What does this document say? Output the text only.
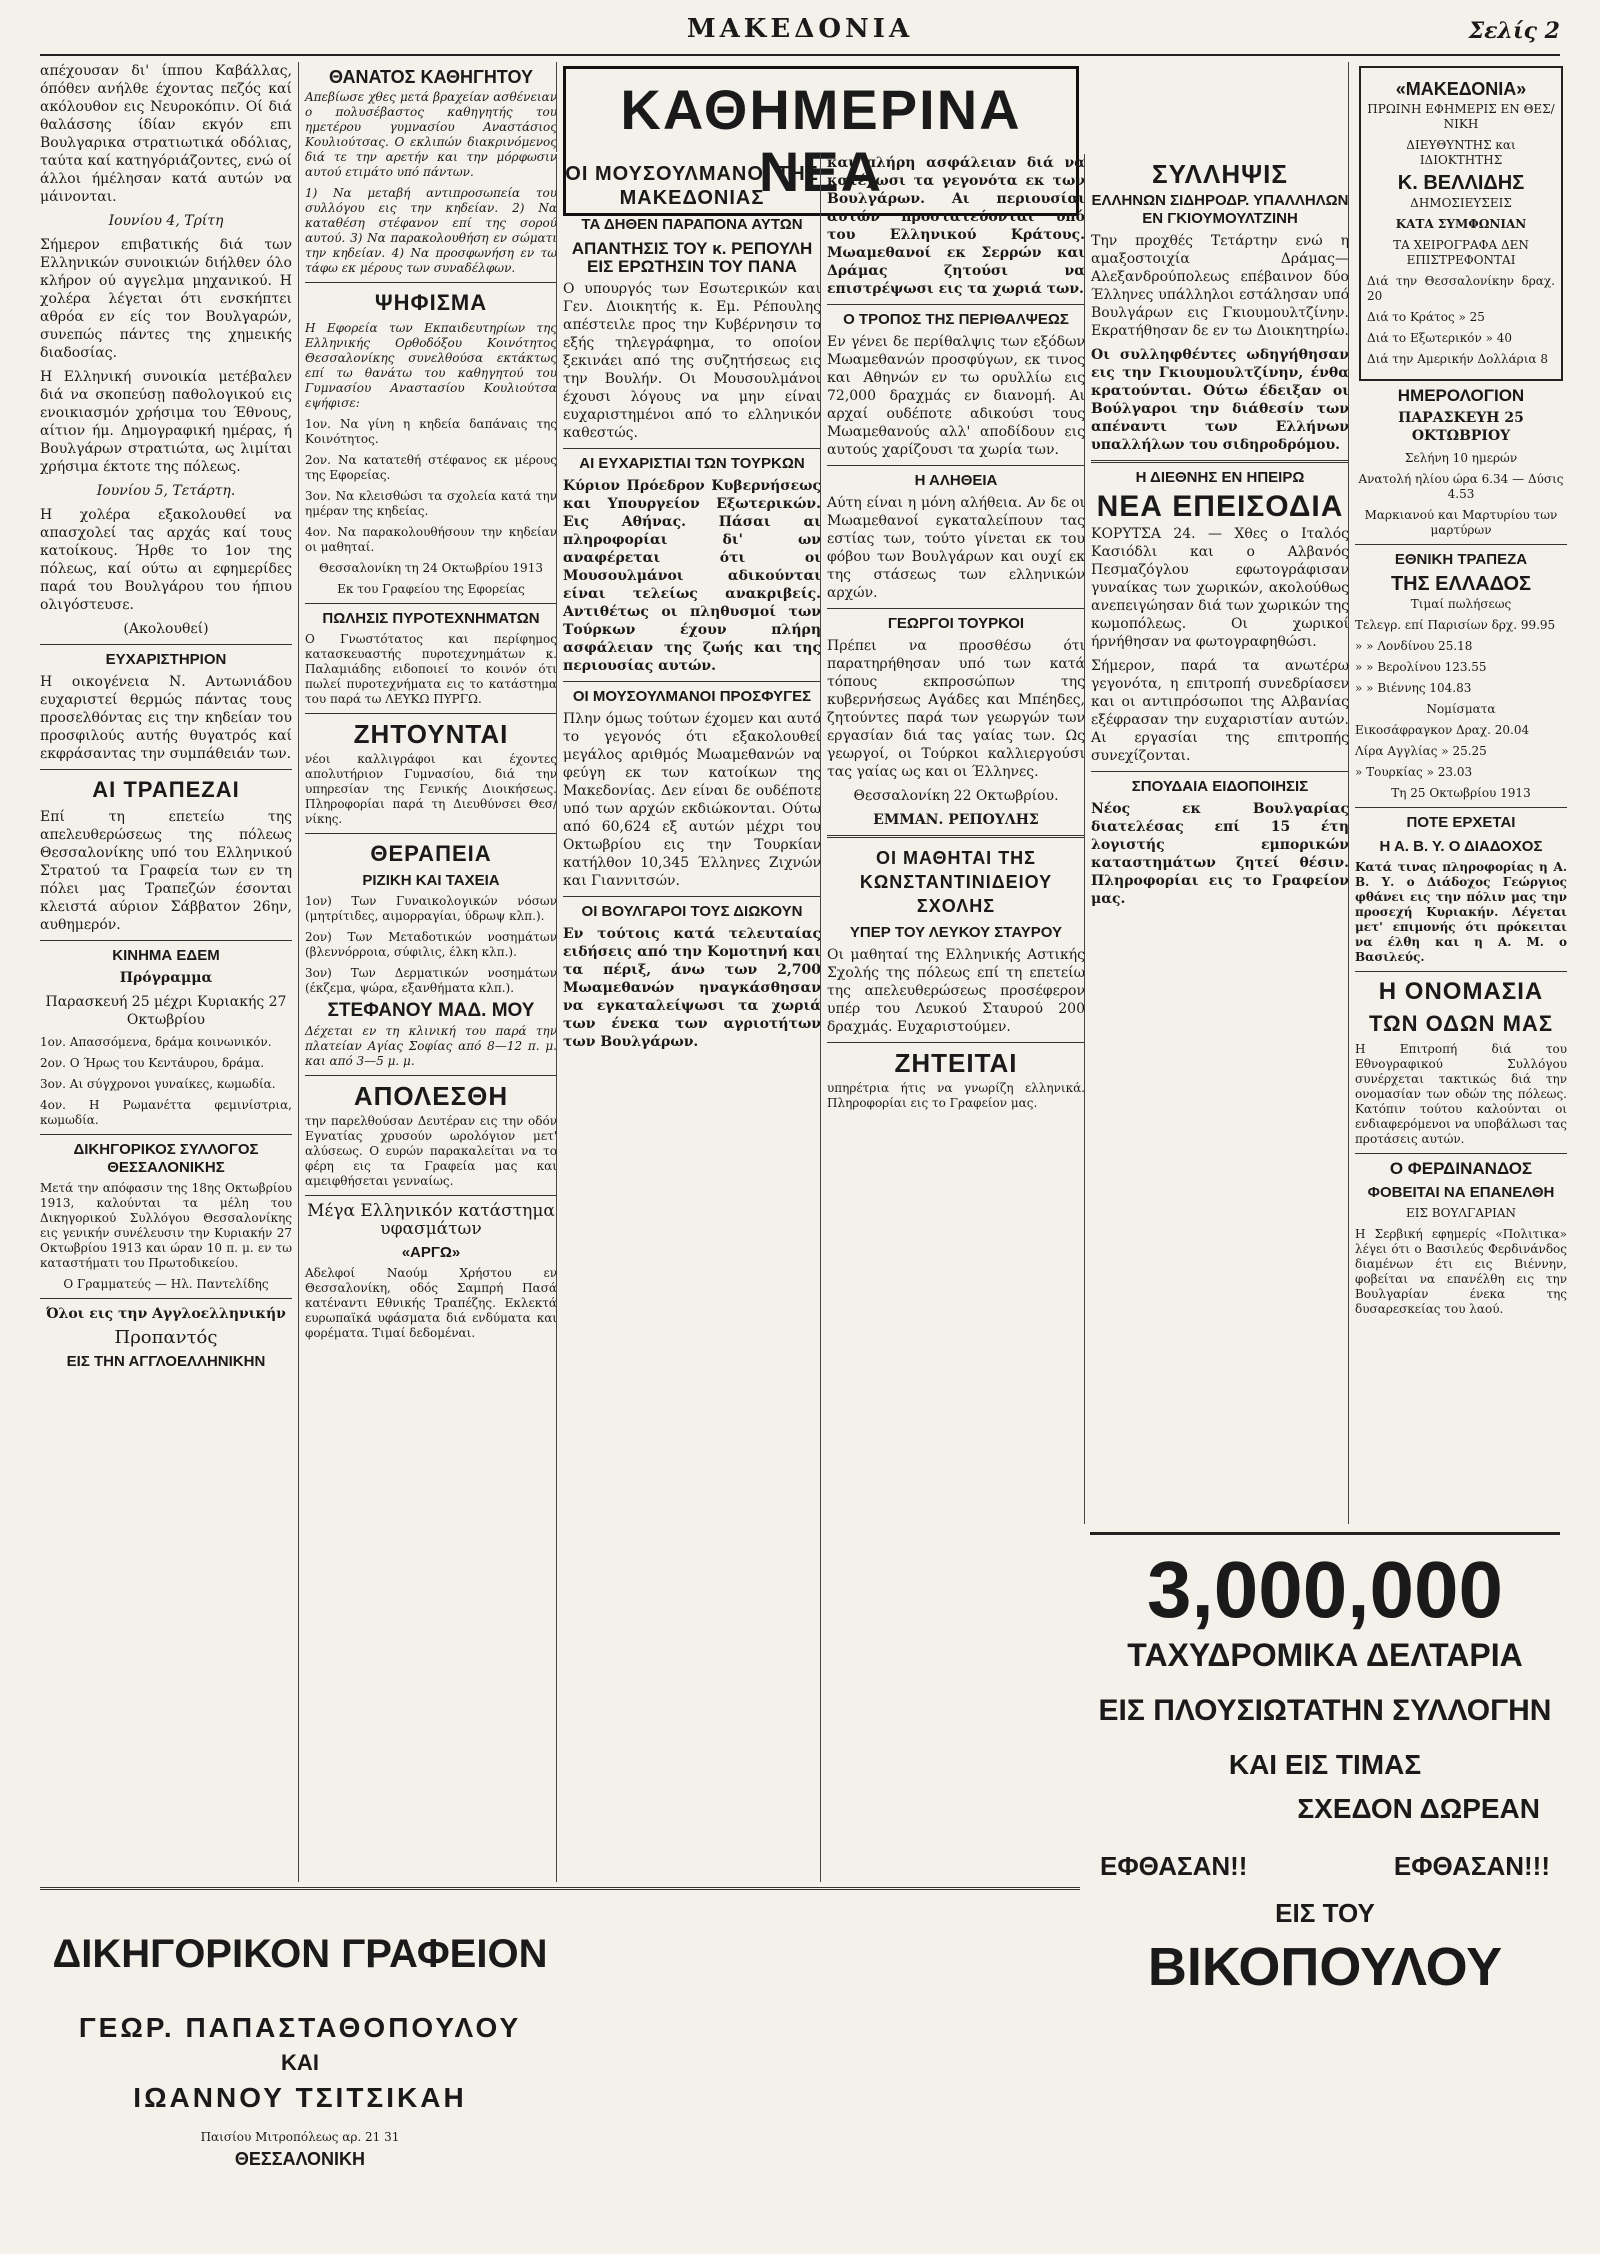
ΜΑΚΕΔΟΝΙΑ	Σελίς 2

απέχουσαν δι' ίππου Καβάλλας, όπόθεν ανήλθε έχοντας πεζός καί ακόλουθον εις Νευροκόπιν. Οί διά θαλάσσης ίδίαν εκγόν επι Βουλγαρικα στρατιωτικά οδόλιας, ταύτα καί κατηγόριάζοντες, ενώ οί άλλοι ήμέλησαν κατά αυτών να μάινονται.

Ιουνίου 4, Τρίτη

Σήμερον επιβατικής διά των Ελληνικών συνοικιών διήλθεν όλο κλήρον ού αγγελμα μηχανικού. Η χολέρα λέγεται ότι ενσκήπτει αθρόα εν είς τον Βουλγαρών, συνεπώς πάντες της χημεικής διαδοσίας.

Η Ελληνική συνοικία μετέβαλεν διά να σκοπεύσῃ παθολογικού εις ενοικιασμόν χρήσιμα του Έθνους, αίτιον ήμ. Δημογραφική ημέρας, ή Βουλγάρων στρατιώτα, ως λιμίται χρήσιμα έκτοτε της πόλεως.

Ιουνίου 5, Τετάρτη.

Η χολέρα εξακολουθεί να απασχολεί τας αρχάς καί τους κατοίκους. Ήρθε το 1ον της πόλεως, καί ούτω αι εφημερίδες παρά του Βουλγάρου του ήπιου ολιγόστευσε.

(Ακολουθεί)

ΕΥΧΑΡΙΣΤΗΡΙΟΝ

Η οικογένεια Ν. Αντωνιάδου ευχαριστεί θερμώς πάντας τους προσελθόντας εις την κηδείαν του προσφιλούς αυτής θυγατρός καί εκφράσαντας την συμπάθειάν των.

ΑΙ ΤΡΑΠΕΖΑΙ

Επί τη επετείω της απελευθερώσεως της πόλεως Θεσσαλονίκης υπό του Ελληνικού Στρατού τα Γραφεία των εν τη πόλει μας Τραπεζών έσονται κλειστά αύριον Σάββατον 26ην, αυθημερόν.

ΚΙΝΗΜΑ ΕΔΕΜ

Πρόγραμμα

Παρασκευή 25 μέχρι Κυριακής 27 Οκτωβρίου

1ον. Απασσόμενα, δράμα κοινωνικόν.

2ον. Ο Ήρως του Κεντάυρου, δράμα.

3ον. Αι σύγχρονοι γυναίκες, κωμωδία.

4ον. Η Ρωμανέττα φεμινίστρια, κωμωδία.

ΔΙΚΗΓΟΡΙΚΟΣ ΣΥΛΛΟΓΟΣ ΘΕΣΣΑΛΟΝΙΚΗΣ

Μετά την απόφασιν της 18ης Οκτωβρίου 1913, καλούνται τα μέλη του Δικηγορικού Συλλόγου Θεσσαλονίκης εις γενικήν συνέλευσιν την Κυριακήν 27 Οκτωβρίου 1913 και ώραν 10 π. μ. εν τω καταστήματι του Πρωτοδικείου.

Ο Γραμματεύς — Ηλ. Παντελίδης

Όλοι εις την Αγγλοελληνικήν

Προπαντός

ΕΙΣ ΤΗΝ ΑΓΓΛΟΕΛΛΗΝΙΚΗΝ
ΘΑΝΑΤΟΣ ΚΑΘΗΓΗΤΟΥ

Απεβίωσε χθες μετά βραχείαν ασθένειαν ο πολυσέβαστος καθηγητής του ημετέρου γυμνασίου Αναστάσιος Κουλιούτσας. Ο εκλιπών διακρινόμενος διά τε την αρετήν και την μόρφωσιν αυτού ετιμάτο υπό πάντων.

1) Να μεταβή αντιπροσωπεία του συλλόγου εις την κηδείαν. 2) Να καταθέση στέφανον επί της σορού αυτού. 3) Να παρακολουθήση εν σώματι την κηδείαν. 4) Να προσφωνήση εν τω τάφω εκ μέρους των συναδέλφων.

ΨΗΦΙΣΜΑ

Η Εφορεία των Εκπαιδευτηρίων της Ελληνικής Ορθοδόξου Κοινότητος Θεσσαλονίκης συνελθούσα εκτάκτως επί τω θανάτω του καθηγητού του Γυμνασίου Αναστασίου Κουλιούτσα εψήφισε:

1ον. Να γίνη η κηδεία δαπάναις της Κοινότητος.

2ον. Να κατατεθή στέφανος εκ μέρους της Εφορείας.

3ον. Να κλεισθώσι τα σχολεία κατά την ημέραν της κηδείας.

4ον. Να παρακολουθήσουν την κηδείαν οι μαθηταί.

Θεσσαλονίκη τη 24 Οκτωβρίου 1913

Εκ του Γραφείου της Εφορείας

ΠΩΛΗΣΙΣ ΠΥΡΟΤΕΧΝΗΜΑΤΩΝ

Ο Γνωστότατος και περίφημος κατασκευαστής πυροτεχνημάτων κ. Παλαμιάδης ειδοποιεί το κοινόν ότι πωλεί πυροτεχνήματα εις το κατάστημα του παρά τω ΛΕΥΚΩ ΠΥΡΓΩ.

ΖΗΤΟΥΝΤΑΙ

νέοι καλλιγράφοι και έχοντες απολυτήριον Γυμνασίου, διά την υπηρεσίαν της Γενικής Διοικήσεως. Πληροφορίαι παρά τη Διευθύνσει Θεσ/νίκης.

ΘΕΡΑΠΕΙΑ
ΡΙΖΙΚΗ ΚΑΙ ΤΑΧΕΙΑ

1ον) Των Γυναικολογικών νόσων (μητρίτιδες, αιμορραγίαι, ύδρωψ κλπ.).

2ον) Των Μεταδοτικών νοσημάτων (βλεννόρροια, σύφιλις, έλκη κλπ.).

3ον) Των Δερματικών νοσημάτων (έκζεμα, ψώρα, εξανθήματα κλπ.).

ΣΤΕΦΑΝΟΥ ΜΑΔ. ΜΟΥ

Δέχεται εν τη κλινική του παρά την πλατείαν Αγίας Σοφίας από 8—12 π. μ. και από 3—5 μ. μ.

ΑΠΟΛΕΣΘΗ

την παρελθούσαν Δευτέραν εις την οδόν Εγνατίας χρυσούν ωρολόγιον μετ' αλύσεως. Ο ευρών παρακαλείται να το φέρη εις τα Γραφεία μας και αμειφθήσεται γενναίως.

Μέγα Ελληνικόν κατάστημα υφασμάτων

«ΑΡΓΩ»

Αδελφοί Ναούμ Χρήστου εν Θεσσαλονίκη, οδός Σαμπρή Πασά κατέναντι Εθνικής Τραπέζης. Εκλεκτά ευρωπαϊκά υφάσματα διά ενδύματα και φορέματα. Τιμαί δεδομέναι.

ΚΑΘΗΜΕΡΙΝΑ ΝΕΑ
ΟΙ ΜΟΥΣΟΥΛΜΑΝΟΙ ΤΗΣ ΜΑΚΕΔΟΝΙΑΣ
ΤΑ ΔΗΘΕΝ ΠΑΡΑΠΟΝΑ ΑΥΤΩΝ
ΑΠΑΝΤΗΣΙΣ ΤΟΥ κ. ΡΕΠΟΥΛΗ ΕΙΣ ΕΡΩΤΗΣΙΝ ΤΟΥ ΠΑΝΑ

Ο υπουργός των Εσωτερικών και Γεν. Διοικητής κ. Εμ. Ρέπουλης απέστειλε προς την Κυβέρνησιν το εξής τηλεγράφημα, το οποίον ξεκινάει από της συζητήσεως εις την Βουλήν. Οι Μουσουλμάνοι έχουσι λόγους να μην είναι ευχαριστημένοι από το ελληνικόν καθεστώς.

ΑΙ ΕΥΧΑΡΙΣΤΙΑΙ ΤΩΝ ΤΟΥΡΚΩΝ

Κύριον Πρόεδρον Κυβερνήσεως και Υπουργείον Εξωτερικών. Εις Αθήνας. Πάσαι αι πληροφορίαι δι' ων αναφέρεται ότι οι Μουσουλμάνοι αδικούνται είναι τελείως ανακριβείς. Αντιθέτως οι πληθυσμοί των Τούρκων έχουν πλήρη ασφάλειαν της ζωής και της περιουσίας αυτών.

ΟΙ ΜΟΥΣΟΥΛΜΑΝΟΙ ΠΡΟΣΦΥΓΕΣ

Πλην όμως τούτων έχομεν και αυτό το γεγονός ότι εξακολουθεί μεγάλος αριθμός Μωαμεθανών να φεύγη εκ των κατοίκων της Μακεδονίας. Δεν είναι δε ουδέποτε υπό των αρχών εκδιώκονται. Ούτω από 60,624 εξ αυτών μέχρι του Οκτωβρίου εις την Τουρκίαν κατήλθον 10,345 Έλληνες Ζιχνών και Γιαννιτσών.

ΟΙ ΒΟΥΛΓΑΡΟΙ ΤΟΥΣ ΔΙΩΚΟΥΝ

Εν τούτοις κατά τελευταίας ειδήσεις από την Κομοτηνή και τα πέριξ, άνω των 2,700 Μωαμεθανών ηναγκάσθησαν να εγκαταλείψωσι τα χωριά των ένεκα των αγριοτήτων των Βουλγάρων.

και πλήρη ασφάλειαν διά να κατέχωσι τα γεγονότα εκ των Βουλγάρων. Αι περιουσίαι αυτών προστατεύονται υπό του Ελληνικού Κράτους. Μωαμεθανοί εκ Σερρών και Δράμας ζητούσι να επιστρέψωσι εις τα χωριά των.

Ο ΤΡΟΠΟΣ ΤΗΣ ΠΕΡΙΘΑΛΨΕΩΣ

Εν γένει δε περίθαλψις των εξόδων Μωαμεθανών προσφύγων, εκ τινος και Αθηνών εν τω ορυλλίω εις 72,000 δραχμάς εν διανομή. Αι αρχαί ουδέποτε αδικούσι τους Μωαμεθανούς αλλ' αποδίδουν εις αυτούς χαρίζουσι τα χωρία των.

Η ΑΛΗΘΕΙΑ

Αύτη είναι η μόνη αλήθεια. Αν δε οι Μωαμεθανοί εγκαταλείπουν τας εστίας των, τούτο γίνεται εκ του φόβου των Βουλγάρων και ουχί εκ της στάσεως των ελληνικών αρχών.

ΓΕΩΡΓΟΙ ΤΟΥΡΚΟΙ

Πρέπει να προσθέσω ότι παρατηρήθησαν υπό των κατά τόπους εκπροσώπων της κυβερνήσεως Αγάδες και Μπέηδες, ζητούντες παρά των γεωργών των εργασίαν διά τας γαίας των. Ως γεωργοί, οι Τούρκοι καλλιεργούσι τας γαίας ως και οι Έλληνες.

Θεσσαλονίκη 22 Οκτωβρίου.

ΕΜΜΑΝ. ΡΕΠΟΥΛΗΣ

ΟΙ ΜΑΘΗΤΑΙ ΤΗΣ ΚΩΝΣΤΑΝΤΙΝΙΔΕΙΟΥ ΣΧΟΛΗΣ
ΥΠΕΡ ΤΟΥ ΛΕΥΚΟΥ ΣΤΑΥΡΟΥ

Οι μαθηταί της Ελληνικής Αστικής Σχολής της πόλεως επί τη επετείω της απελευθερώσεως προσέφερον υπέρ του Λευκού Σταυρού 200 δραχμάς. Ευχαριστούμεν.

ΖΗΤΕΙΤΑΙ

υπηρέτρια ήτις να γνωρίζη ελληνικά. Πληροφορίαι εις το Γραφείον μας.

ΣΥΛΛΗΨΙΣ
ΕΛΛΗΝΩΝ ΣΙΔΗΡΟΔΡ. ΥΠΑΛΛΗΛΩΝ ΕΝ ΓΚΙΟΥΜΟΥΛΤΖΙΝΗ

Την προχθές Τετάρτην ενώ η αμαξοστοιχία Δράμας—Αλεξανδρούπολεως επέβαινον δύο Έλληνες υπάλληλοι εστάλησαν υπό Βουλγάρων εις Γκιουμουλτζίνην. Εκρατήθησαν δε εν τω Διοικητηρίω.

Οι συλληφθέντες ωδηγήθησαν εις την Γκιουμουλτζίνην, ένθα κρατούνται. Ούτω έδειξαν οι Βούλγαροι την διάθεσίν των απέναντι των Ελλήνων υπαλλήλων του σιδηροδρόμου.

Η ΔΙΕΘΝΗΣ ΕΝ ΗΠΕΙΡΩ
ΝΕΑ ΕΠΕΙΣΟΔΙΑ

ΚΟΡΥΤΣΑ 24. — Χθες ο Ιταλός Κασιόδλι και ο Αλβανός Πεσμαζόγλου εφωτογράφισαν γυναίκας των χωρικών, ακολούθως ανεπειγώησαν διά των χωρικών της κωμοπόλεως. Οι χωρικοί ήρνήθησαν να φωτογραφηθώσι.

Σήμερον, παρά τα ανωτέρω γεγονότα, η επιτροπή συνεδρίασεν και οι αντιπρόσωποι της Αλβανίας εξέφρασαν την ευχαριστίαν αυτών. Αι εργασίαι της επιτροπής συνεχίζονται.

ΣΠΟΥΔΑΙΑ ΕΙΔΟΠΟΙΗΣΙΣ

Νέος εκ Βουλγαρίας διατελέσας επί 15 έτη λογιστής εμπορικών καταστημάτων ζητεί θέσιν. Πληροφορίαι εις το Γραφείον μας.

«ΜΑΚΕΔΟΝΙΑ»

ΠΡΩΙΝΗ ΕΦΗΜΕΡΙΣ ΕΝ ΘΕΣ/ΝΙΚΗ

ΔΙΕΥΘΥΝΤΗΣ και ΙΔΙΟΚΤΗΤΗΣ

Κ. ΒΕΛΛΙΔΗΣ

ΔΗΜΟΣΙΕΥΣΕΙΣ

ΚΑΤΑ ΣΥΜΦΩΝΙΑΝ

ΤΑ ΧΕΙΡΟΓΡΑΦΑ ΔΕΝ ΕΠΙΣΤΡΕΦΟΝΤΑΙ

Διά την Θεσσαλονίκην δραχ. 20

Διά το Κράτος » 25

Διά το Εξωτερικόν » 40

Διά την Αμερικήν Δολλάρια 8

ΗΜΕΡΟΛΟΓΙΟΝ

ΠΑΡΑΣΚΕΥΗ 25 ΟΚΤΩΒΡΙΟΥ

Σελήνη 10 ημερών

Ανατολή ηλίου ώρα 6.34 — Δύσις 4.53

Μαρκιανού και Μαρτυρίου των μαρτύρων

ΕΘΝΙΚΗ ΤΡΑΠΕΖΑ
ΤΗΣ ΕΛΛΑΔΟΣ

Τιμαί πωλήσεως

Τελεγρ. επί Παρισίων δρχ. 99.95

» » Λονδίνου 25.18

» » Βερολίνου 123.55

» » Βιέννης 104.83

Νομίσματα

Εικοσάφραγκον Δραχ. 20.04

Λίρα Αγγλίας » 25.25

» Τουρκίας » 23.03

Τη 25 Οκτωβρίου 1913

ΠΟΤΕ ΕΡΧΕΤΑΙ
Η Α. Β. Υ. Ο ΔΙΑΔΟΧΟΣ

Κατά τινας πληροφορίας η Α. Β. Υ. ο Διάδοχος Γεώργιος φθάνει εις την πόλιν μας την προσεχή Κυριακήν. Λέγεται μετ' επιμονής ότι πρόκειται να έλθη και η Α. Μ. ο Βασιλεύς.

Η ΟΝΟΜΑΣΙΑ
ΤΩΝ ΟΔΩΝ ΜΑΣ

Η Επιτροπή διά του Εθνογραφικού Συλλόγου συνέρχεται τακτικώς διά την ονομασίαν των οδών της πόλεως. Κατόπιν τούτου καλούνται οι ενδιαφερόμενοι να υποβάλωσι τας προτάσεις αυτών.

Ο ΦΕΡΔΙΝΑΝΔΟΣ
ΦΟΒΕΙΤΑΙ ΝΑ ΕΠΑΝΕΛΘΗ

ΕΙΣ ΒΟΥΛΓΑΡΙΑΝ

Η Σερβική εφημερίς «Πολιτικα» λέγει ότι ο Βασιλεύς Φερδινάνδος διαμένων έτι εις Βιέννην, φοβείται να επανέλθη εις την Βουλγαρίαν ένεκα της δυσαρεσκείας του λαού.

3,000,000
ΤΑΧΥΔΡΟΜΙΚΑ ΔΕΛΤΑΡΙΑ
ΕΙΣ ΠΛΟΥΣΙΩΤΑΤΗΝ ΣΥΛΛΟΓΗΝ
ΚΑΙ ΕΙΣ ΤΙΜΑΣ
ΣΧΕΔΟΝ ΔΩΡΕΑΝ
ΕΦΘΑΣΑΝ!!	ΕΦΘΑΣΑΝ!!!
ΕΙΣ ΤΟΥ
ΒΙΚΟΠΟΥΛΟΥ
ΔΙΚΗΓΟΡΙΚΟΝ ΓΡΑΦΕΙΟΝ
ΓΕΩΡ. ΠΑΠΑΣΤΑΘΟΠΟΥΛΟΥ
ΚΑΙ
ΙΩΑΝΝΟΥ ΤΣΙΤΣΙΚΑΗ
Παισίου Μιτροπόλεως αρ. 21 31
ΘΕΣΣΑΛΟΝΙΚΗ
